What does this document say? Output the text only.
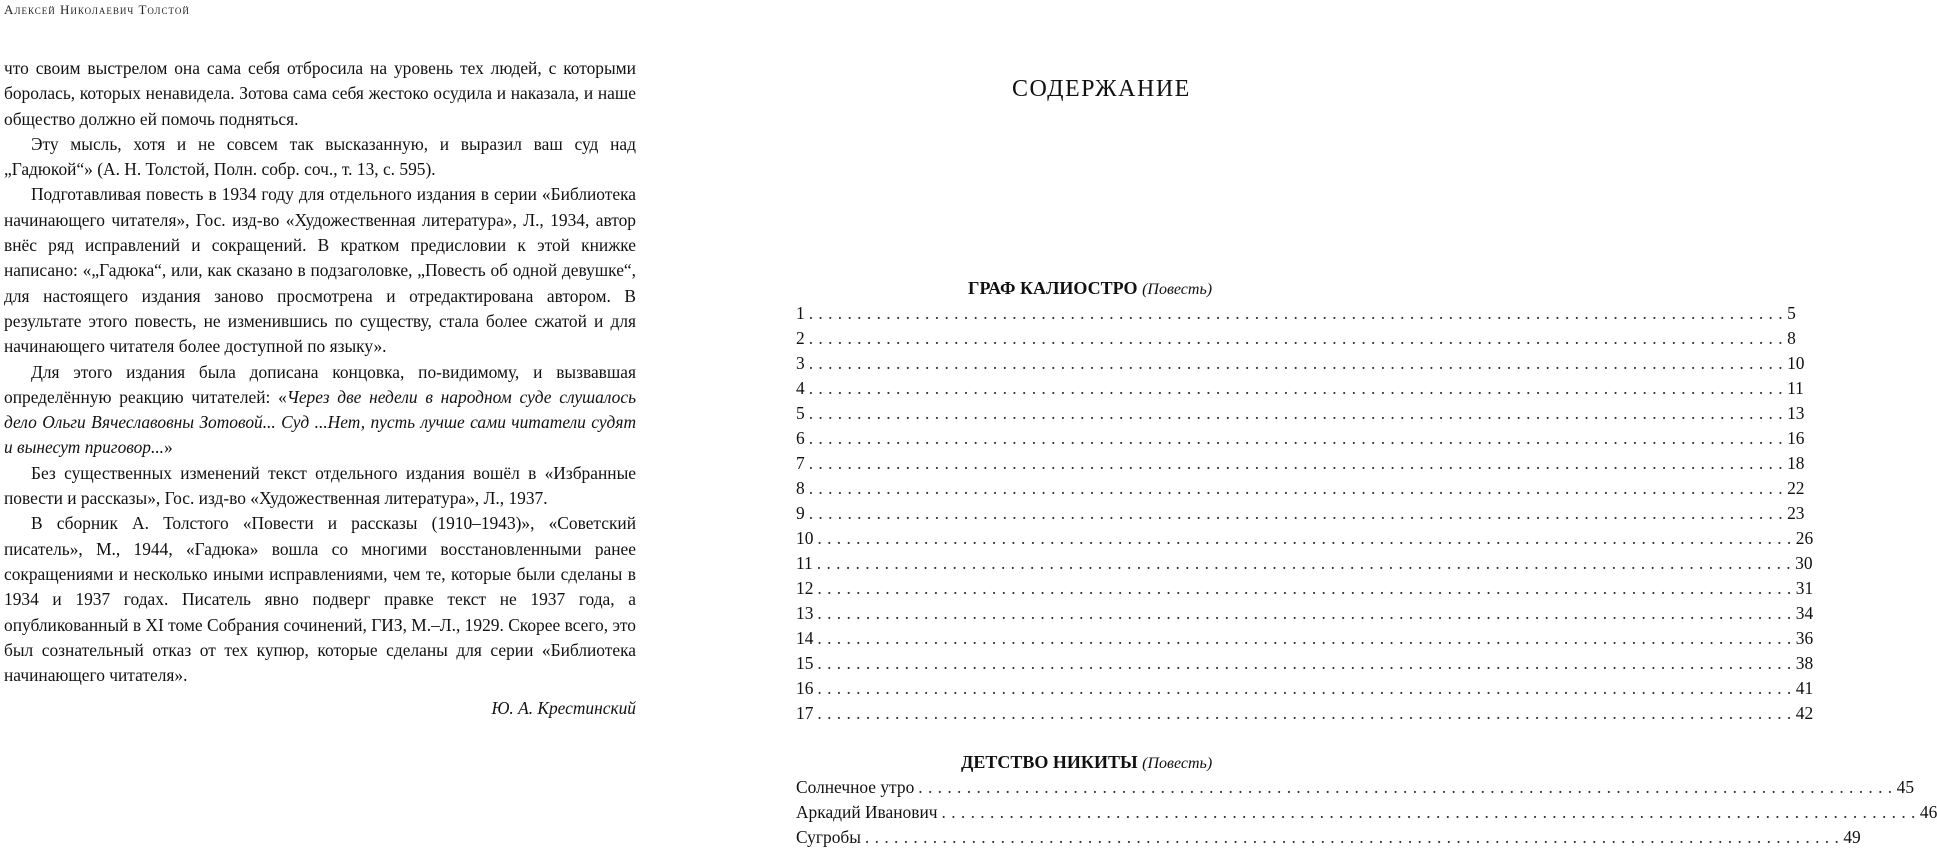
Алексей Николаевич Толстой

что своим выстрелом она сама себя отбросила на уровень тех людей, с которыми боролась, которых ненавидела. Зотова сама себя жестоко осудила и наказала, и наше общество должно ей помочь подняться.

Эту мысль, хотя и не совсем так высказанную, и выразил ваш суд над „Гадюкой“» (А. Н. Толстой, Полн. собр. соч., т. 13, с. 595).

Подготавливая повесть в 1934 году для отдельного издания в серии «Библиотека начинающего читателя», Гос. изд-во «Художественная литература», Л., 1934, автор внёс ряд исправлений и сокращений. В кратком предисловии к этой книжке написано: «„Гадюка“, или, как сказано в подзаголовке, „Повесть об одной девушке“, для настоящего издания заново просмотрена и отредактирована автором. В результате этого повесть, не изменившись по существу, стала более сжатой и для начинающего читателя более доступной по языку».

Для этого издания была дописана концовка, по-видимому, и вызвавшая определённую реакцию читателей: «Через две недели в народном суде слушалось дело Ольги Вячеславовны Зотовой... Суд ...Нет, пусть лучше сами читатели судят и вынесут приговор...»

Без существенных изменений текст отдельного издания вошёл в «Избранные повести и рассказы», Гос. изд-во «Художественная литература», Л., 1937.

В сборник А. Толстого «Повести и рассказы (1910–1943)», «Советский писатель», М., 1944, «Гадюка» вошла со многими восстановленными ранее сокращениями и несколько иными исправлениями, чем те, которые были сделаны в 1934 и 1937 годах. Писатель явно подверг правке текст не 1937 года, а опубликованный в XI томе Собрания сочинений, ГИЗ, М.–Л., 1929. Скорее всего, это был сознательный отказ от тех купюр, которые сделаны для серии «Библиотека начинающего читателя».

Ю. А. Крестинский

СОДЕРЖАНИЕ
ГРАФ КАЛИОСТРО (Повесть)
1 . . .	5
2 . . .	8
3 . . .	10
4 . . .	11
5 . . .	13
6 . . .	16
7 . . .	18
8 . . .	22
9 . . .	23
10 . . .	26
11 . . .	30
12 . . .	31
13 . . .	34
14 . . .	36
15 . . .	38
16 . . .	41
17 . . .	42
ДЕТСТВО НИКИТЫ (Повесть)
Солнечное утро . . .	45
Аркадий Иванович . . .	46
Сугробы . . .	49
